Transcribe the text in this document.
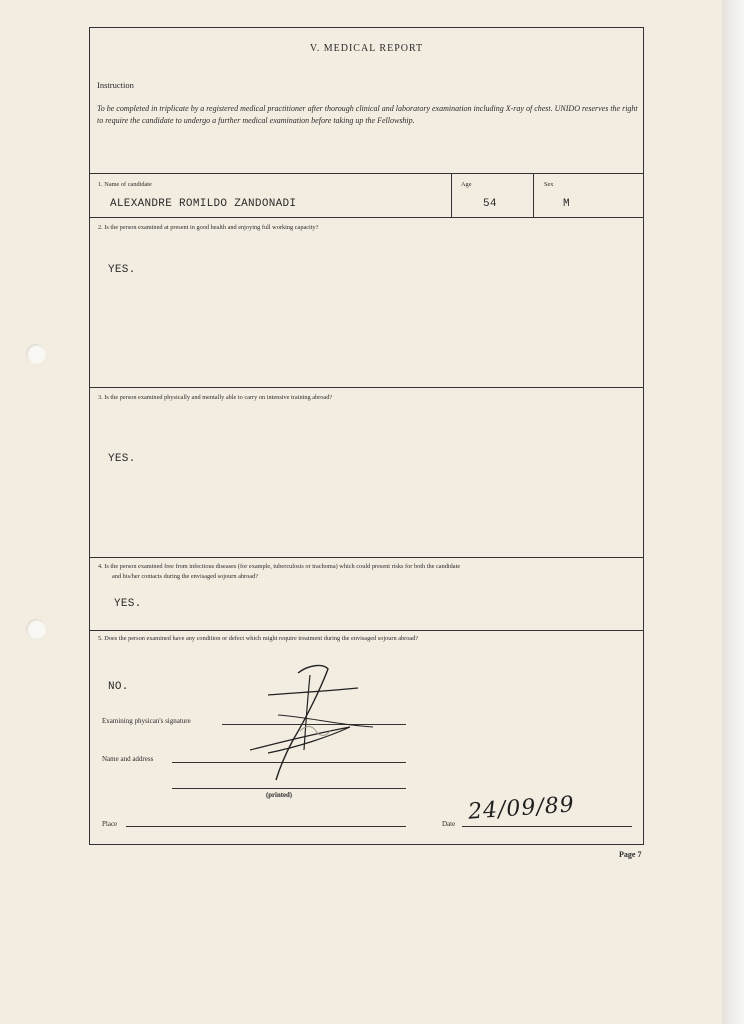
V. MEDICAL REPORT
Instruction
To be completed in triplicate by a registered medical practitioner after thorough clinical and laboratory examination including X-ray of chest. UNIDO reserves the right to require the candidate to undergo a further medical examination before taking up the Fellowship.
1. Name of candidate
ALEXANDRE ROMILDO ZANDONADI
Age
54
Sex
M
2. Is the person examined at present in good health and enjoying full working capacity?
YES.
3. Is the person examined physically and mentally able to carry on intensive training abroad?
YES.
4. Is the person examined free from infectious diseases (for example, tuberculosis or trachoma) which could present risks for both the candidate
and his/her contacts during the envisaged sojourn abroad?
YES.
5. Does the person examined have any condition or defect which might require treatment during the envisaged sojourn abroad?
NO.
Examining physican's signature
Name and address
(printed)
Place	Date 24/09/89
Page 7
